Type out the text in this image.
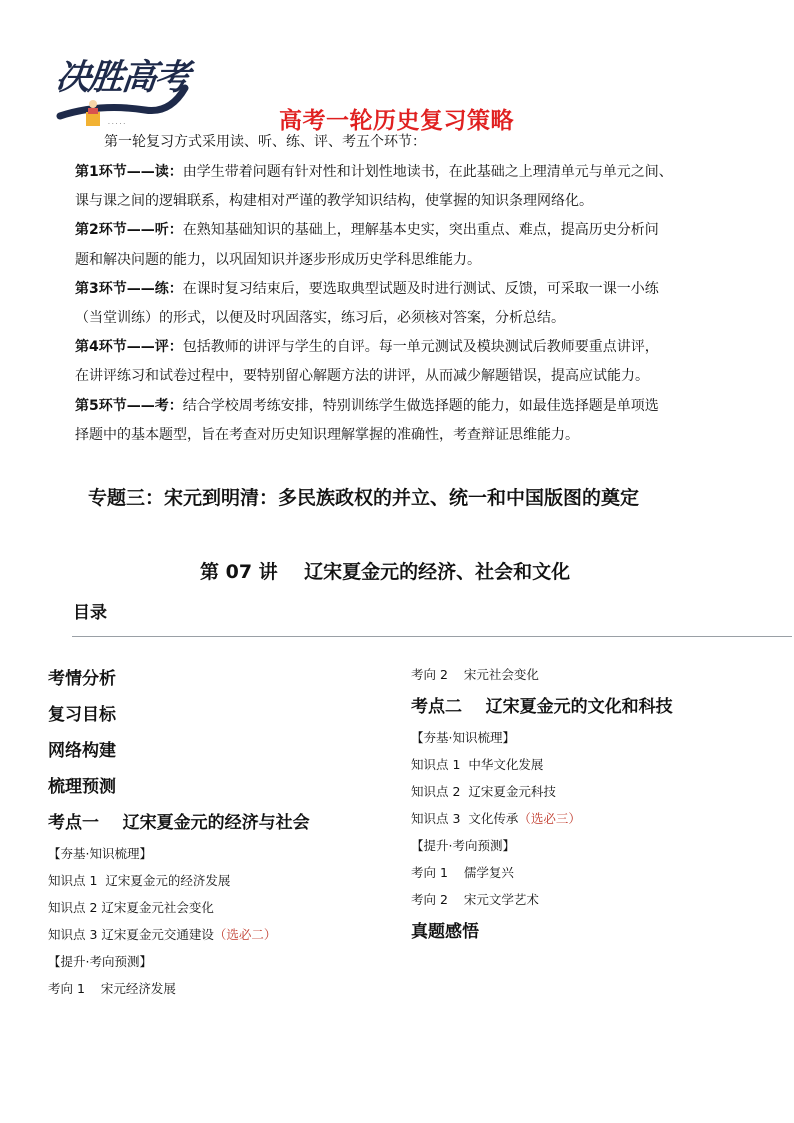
· · · · ·
决胜高考
高考一轮历史复习策略
第一轮复习方式采用读、听、练、评、考五个环节：
第1环节——读：由学生带着问题有针对性和计划性地读书，在此基础之上理清单元与单元之间、
课与课之间的逻辑联系，构建相对严谨的教学知识结构，使掌握的知识条理网络化。
第2环节——听：在熟知基础知识的基础上，理解基本史实，突出重点、难点，提高历史分析问
题和解决问题的能力，以巩固知识并逐步形成历史学科思维能力。
第3环节——练：在课时复习结束后，要选取典型试题及时进行测试、反馈，可采取一课一小练
（当堂训练）的形式，以便及时巩固落实，练习后，必须核对答案，分析总结。
第4环节——评：包括教师的讲评与学生的自评。每一单元测试及模块测试后教师要重点讲评，
在讲评练习和试卷过程中，要特别留心解题方法的讲评，从而减少解题错误，提高应试能力。
第5环节——考：结合学校周考练安排，特别训练学生做选择题的能力，如最佳选择题是单项选
择题中的基本题型，旨在考查对历史知识理解掌握的准确性，考查辩证思维能力。
专题三：宋元到明清：多民族政权的并立、统一和中国版图的奠定
第 07 讲    辽宋夏金元的经济、社会和文化
目录
考情分析
复习目标
网络构建
梳理预测
考点一    辽宋夏金元的经济与社会
【夯基·知识梳理】
知识点 1  辽宋夏金元的经济发展
知识点 2 辽宋夏金元社会变化
知识点 3 辽宋夏金元交通建设（选必二）
【提升·考向预测】
考向 1    宋元经济发展
考向 2    宋元社会变化
考点二    辽宋夏金元的文化和科技
【夯基·知识梳理】
知识点 1  中华文化发展
知识点 2  辽宋夏金元科技
知识点 3  文化传承（选必三）
【提升·考向预测】
考向 1    儒学复兴
考向 2    宋元文学艺术
真题感悟
